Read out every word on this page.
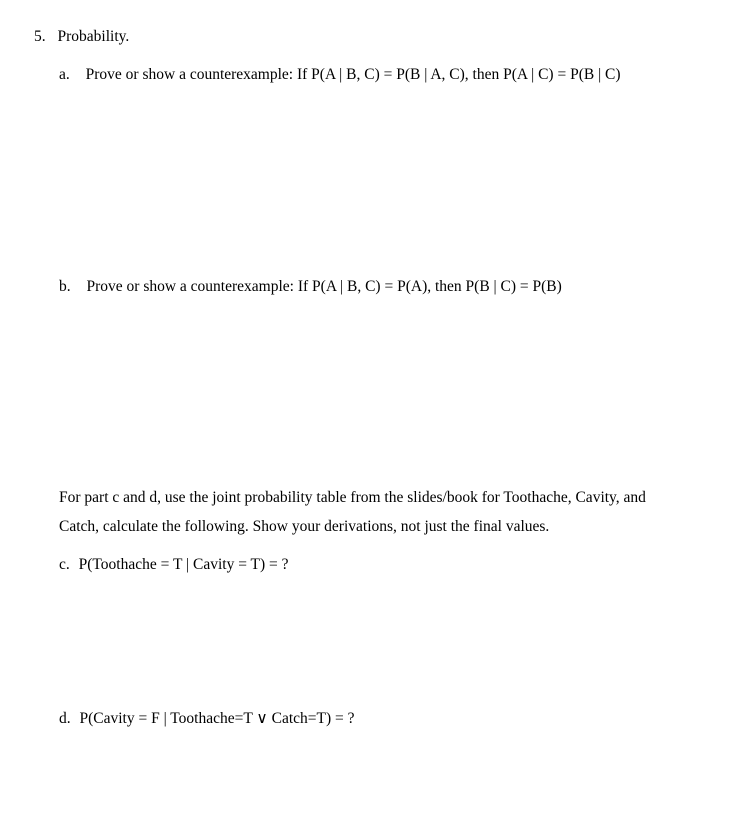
5. Probability.
a. Prove or show a counterexample: If P(A | B, C) = P(B | A, C), then P(A | C) = P(B | C)
b. Prove or show a counterexample: If P(A | B, C) = P(A), then P(B | C) = P(B)
For part c and d, use the joint probability table from the slides/book for Toothache, Cavity, and
Catch, calculate the following. Show your derivations, not just the final values.
c. P(Toothache = T | Cavity = T) = ?
d. P(Cavity = F | Toothache=T ∨ Catch=T) = ?
